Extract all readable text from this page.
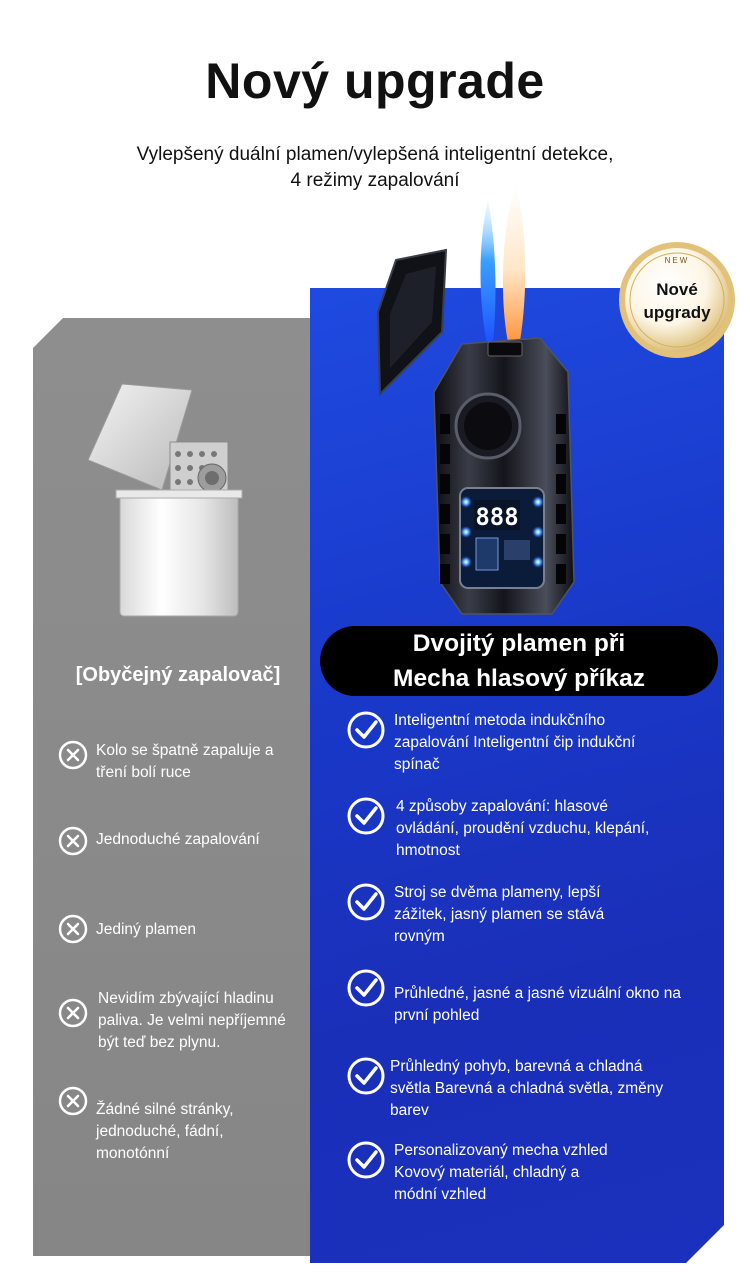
Nový upgrade
Vylepšený duální plamen/vylepšená inteligentní detekce,
4 režimy zapalování
[Obyčejný zapalovač]
Kolo se špatně zapaluje a tření bolí ruce
Jednoduché zapalování
Jediný plamen
Nevidím zbývající hladinu paliva. Je velmi nepříjemné být teď bez plynu.
Žádné silné stránky, jednoduché, fádní, monotónní
888
NEW
Nové
upgrady
Dvojitý plamen při
Mecha hlasový příkaz
Inteligentní metoda indukčního zapalování Inteligentní čip indukční spínač
4 způsoby zapalování: hlasové ovládání, proudění vzduchu, klepání, hmotnost
Stroj se dvěma plameny, lepší zážitek, jasný plamen se stává rovným
Průhledné, jasné a jasné vizuální okno na první pohled
Průhledný pohyb, barevná a chladná světla Barevná a chladná světla, změny barev
Personalizovaný mecha vzhled Kovový materiál, chladný a módní vzhled
